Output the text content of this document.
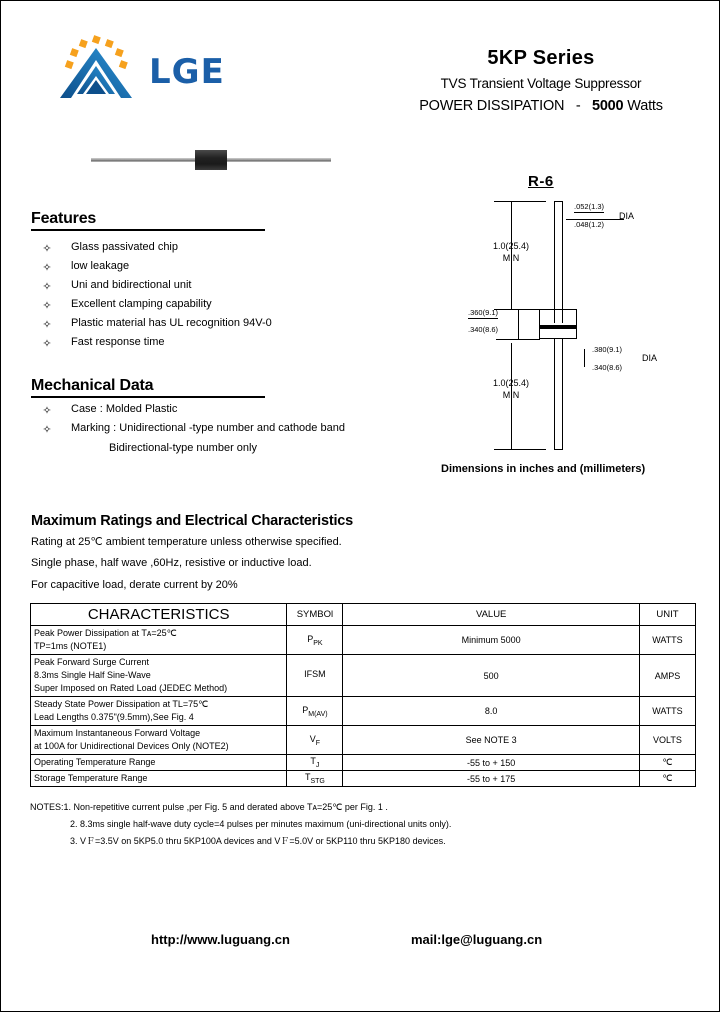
LGE	5KP Series
TVS Transient Voltage Suppressor
POWER DISSIPATION - 5000 Watts
Features
✧ Glass passivated chip
✧ low leakage
✧ Uni and bidirectional unit
✧ Excellent clamping capability
✧ Plastic material has UL recognition 94V-0
✧ Fast response time
Mechanical Data
✧ Case : Molded Plastic
✧ Marking : Unidirectional -type number and cathode band
Bidirectional-type number only
R-6
1.0(25.4)
MIN
.052(1.3)
.048(1.2)
DIA
.360(9.1)
.340(8.6)
.380(9.1)
.340(8.6)
DIA
1.0(25.4)
MIN
Dimensions in inches and (millimeters)
Maximum Ratings and Electrical Characteristics
Rating at 25℃ ambient temperature unless otherwise specified.
Single phase, half wave ,60Hz, resistive or inductive load.
For capacitive load, derate current by 20%
CHARACTERISTICS	SYMBOl	VALUE	UNIT

Peak Power Dissipation at Tᴀ=25℃
TP=1ms (NOTE1)	$P_{PK}$	Minimum 5000	WATTS

Peak Forward Surge Current
8.3ms Single Half Sine-Wave
Super Imposed on Rated Load (JEDEC Method)	IFSM	500	AMPS

Steady State Power Dissipation at TL=75℃
Lead Lengths 0.375"(9.5mm),See Fig. 4	$P_{M(AV)}$	8.0	WATTS

Maximum Instantaneous Forward Voltage
at 100A for Unidirectional Devices Only (NOTE2)	$V_F$	See NOTE 3	VOLTS

Operating Temperature Range	$T_J$	-55 to + 150	℃

Storage Temperature Range	$T_{STG}$	-55 to + 175	℃
NOTES:1. Non-repetitive current pulse ,per Fig. 5 and derated above Tᴀ=25℃ per Fig. 1 .
2. 8.3ms single half-wave duty cycle=4 pulses per minutes maximum (uni-directional units only).
3. VＦ=3.5V on 5KP5.0 thru 5KP100A devices and VＦ=5.0V or 5KP110 thru 5KP180 devices.
http://www.luguang.cn	mail:lge@luguang.cn
